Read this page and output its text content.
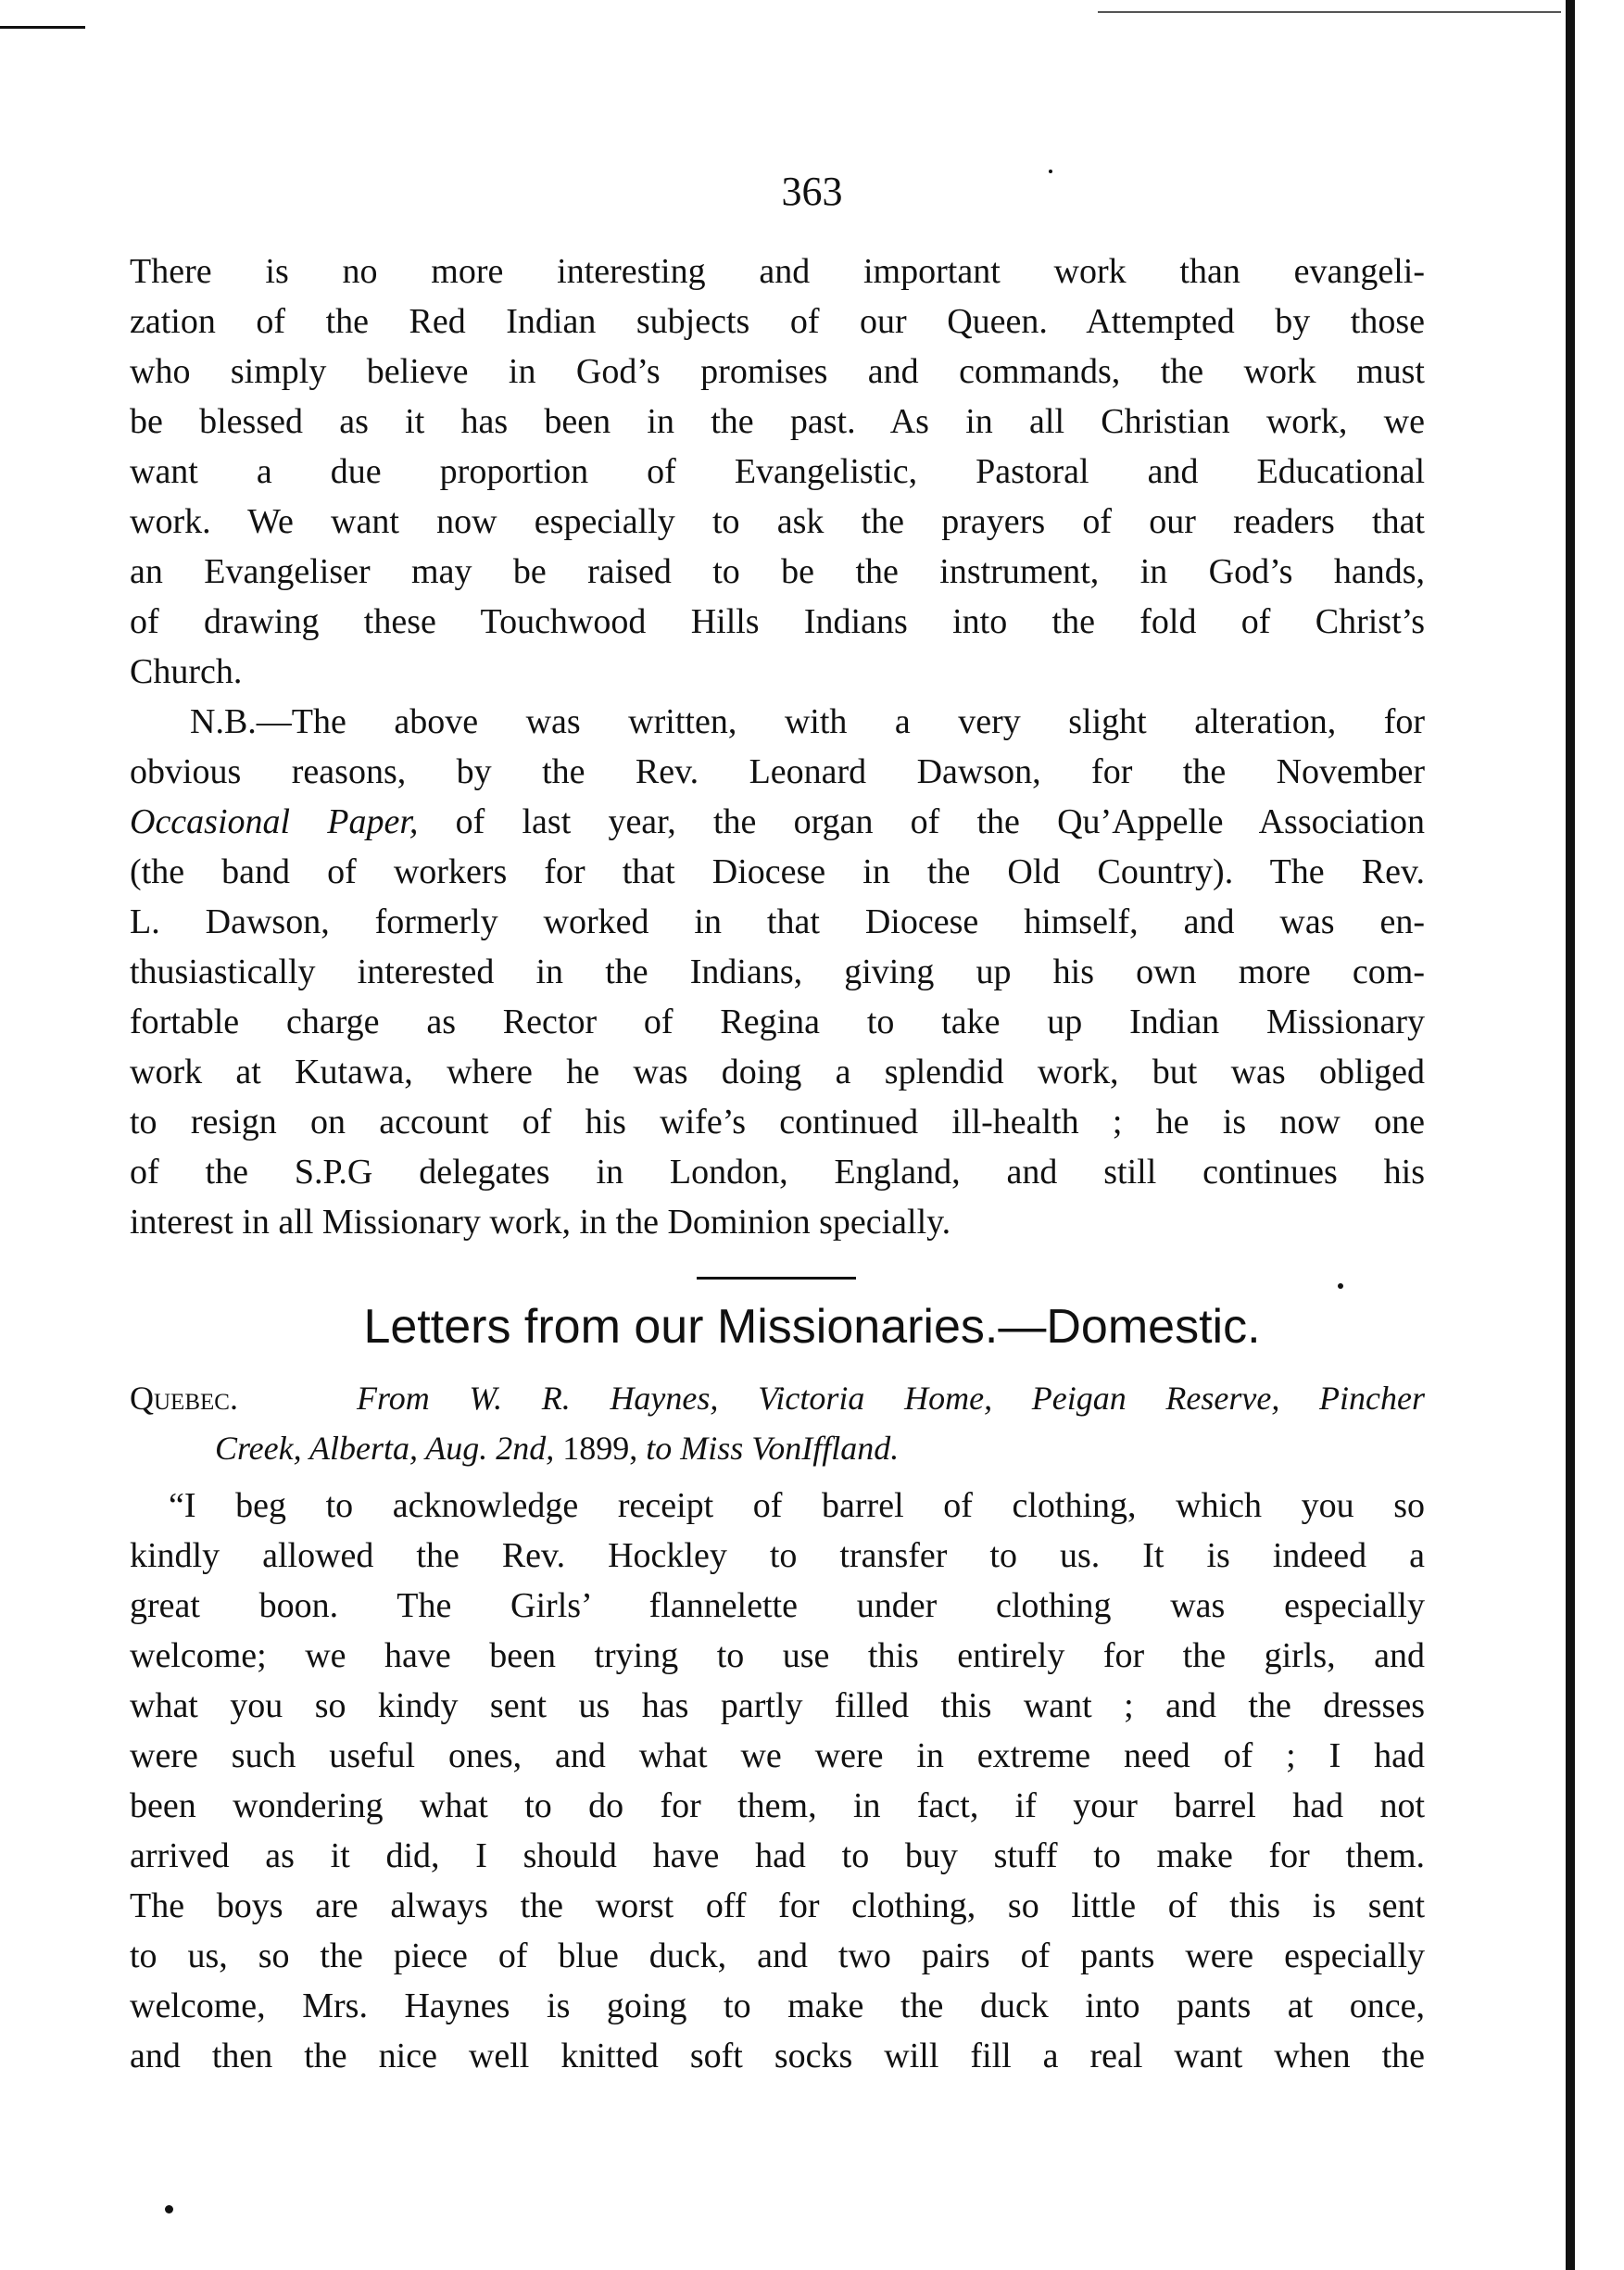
363
There is no more interesting and important work than evangeli-
zation of the Red Indian subjects of our Queen. Attempted by those
who simply believe in God’s promises and commands, the work must
be blessed as it has been in the past. As in all Christian work, we
want a due proportion of Evangelistic, Pastoral and Educational
work. We want now especially to ask the prayers of our readers that
an Evangeliser may be raised to be the instrument, in God’s hands,
of drawing these Touchwood Hills Indians into the fold of Christ’s
Church.
N.B.—The above was written, with a very slight alteration, for
obvious reasons, by the Rev. Leonard Dawson, for the November
Occasional Paper, of last year, the organ of the Qu’Appelle Association
(the band of workers for that Diocese in the Old Country). The Rev.
L. Dawson, formerly worked in that Diocese himself, and was en-
thusiastically interested in the Indians, giving up his own more com-
fortable charge as Rector of Regina to take up Indian Missionary
work at Kutawa, where he was doing a splendid work, but was obliged
to resign on account of his wife’s continued ill-health ; he is now one
of the S.P.G delegates in London, England, and still continues his
interest in all Missionary work, in the Dominion specially.
Letters from our Missionaries.—Domestic.
Quebec.	From W. R. Haynes, Victoria Home, Peigan Reserve, Pincher
Creek, Alberta, Aug. 2nd, 1899, to Miss VonIffland.
“I beg to acknowledge receipt of barrel of clothing, which you so
kindly allowed the Rev. Hockley to transfer to us. It is indeed a
great boon. The Girls’ flannelette under clothing was especially
welcome; we have been trying to use this entirely for the girls, and
what you so kindy sent us has partly filled this want ; and the dresses
were such useful ones, and what we were in extreme need of ; I had
been wondering what to do for them, in fact, if your barrel had not
arrived as it did, I should have had to buy stuff to make for them.
The boys are always the worst off for clothing, so little of this is sent
to us, so the piece of blue duck, and two pairs of pants were especially
welcome, Mrs. Haynes is going to make the duck into pants at once,
and then the nice well knitted soft socks will fill a real want when the
